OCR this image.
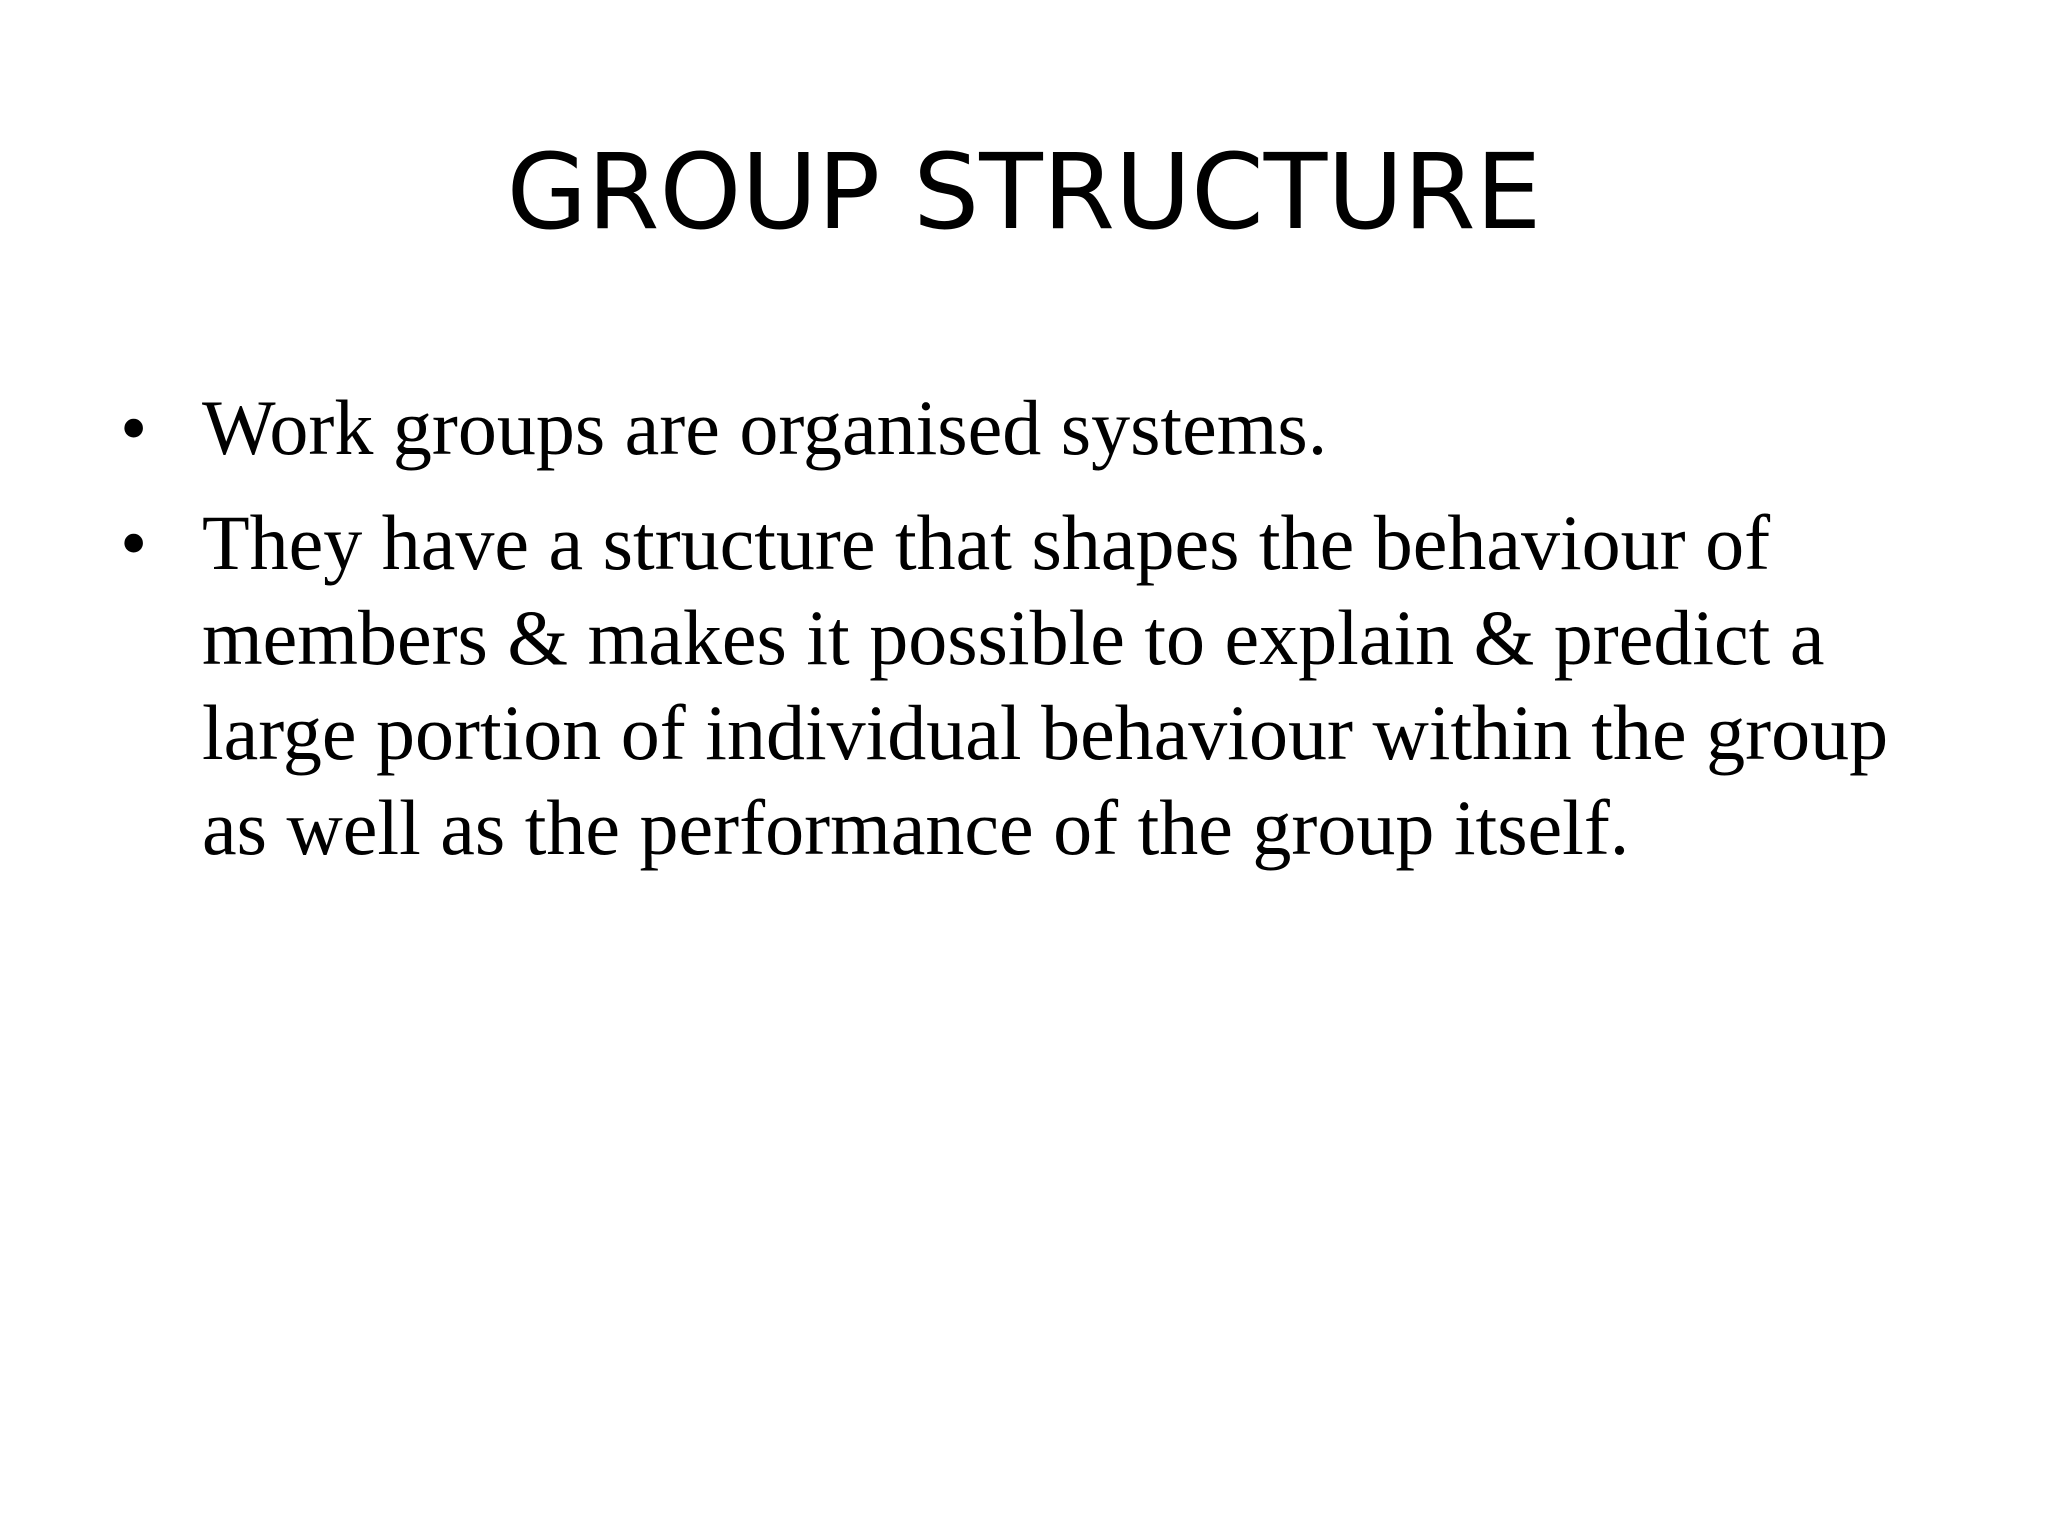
GROUP STRUCTURE
• Work groups are organised systems.
• They have a structure that shapes the behaviour of members & makes it possible to explain & predict a large portion of individual behaviour within the group as well as the performance of the group itself.
